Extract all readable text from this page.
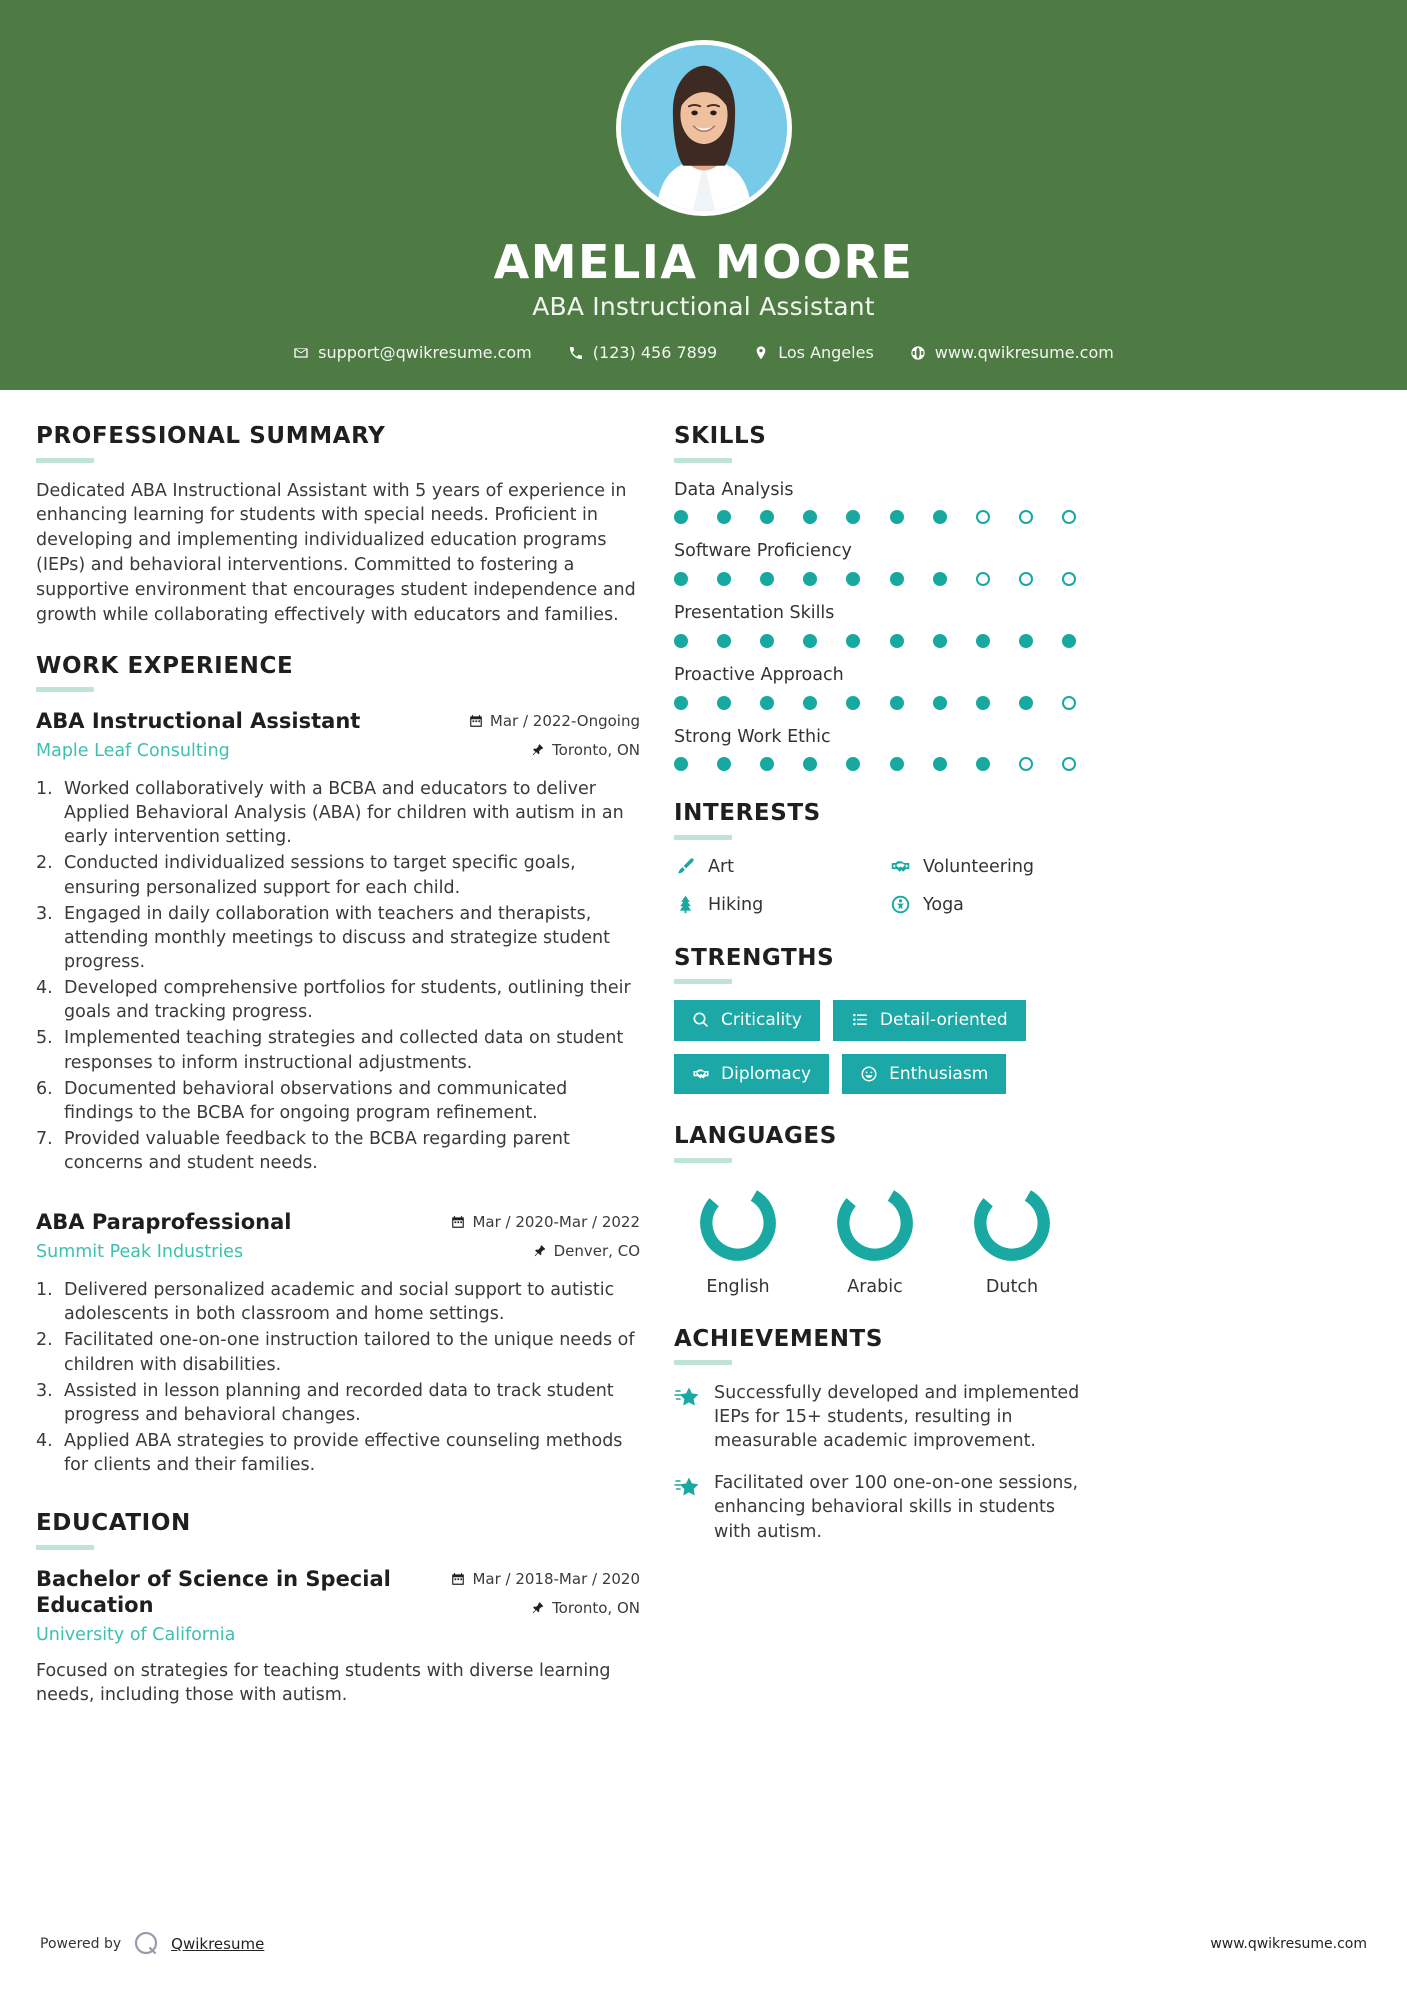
AMELIA MOORE
ABA Instructional Assistant
support@qwikresume.com	(123) 456 7899	Los Angeles	www.qwikresume.com
PROFESSIONAL SUMMARY
Dedicated ABA Instructional Assistant with 5 years of experience in enhancing learning for students with special needs. Proficient in developing and implementing individualized education programs (IEPs) and behavioral interventions. Committed to fostering a supportive environment that encourages student independence and growth while collaborating effectively with educators and families.
WORK EXPERIENCE
ABA Instructional Assistant
Maple Leaf Consulting
Mar / 2022-Ongoing
Toronto, ON
Worked collaboratively with a BCBA and educators to deliver Applied Behavioral Analysis (ABA) for children with autism in an early intervention setting.
Conducted individualized sessions to target specific goals, ensuring personalized support for each child.
Engaged in daily collaboration with teachers and therapists, attending monthly meetings to discuss and strategize student progress.
Developed comprehensive portfolios for students, outlining their goals and tracking progress.
Implemented teaching strategies and collected data on student responses to inform instructional adjustments.
Documented behavioral observations and communicated findings to the BCBA for ongoing program refinement.
Provided valuable feedback to the BCBA regarding parent concerns and student needs.
ABA Paraprofessional
Summit Peak Industries
Mar / 2020-Mar / 2022
Denver, CO
Delivered personalized academic and social support to autistic adolescents in both classroom and home settings.
Facilitated one-on-one instruction tailored to the unique needs of children with disabilities.
Assisted in lesson planning and recorded data to track student progress and behavioral changes.
Applied ABA strategies to provide effective counseling methods for clients and their families.
EDUCATION
Bachelor of Science in Special Education
University of California
Mar / 2018-Mar / 2020
Toronto, ON
Focused on strategies for teaching students with diverse learning needs, including those with autism.
SKILLS
Data Analysis
Software Proficiency
Presentation Skills
Proactive Approach
Strong Work Ethic
INTERESTS
Art	Volunteering
Hiking	Yoga
STRENGTHS
Criticality	Detail-oriented
Diplomacy	Enthusiasm
LANGUAGES
English	Arabic	Dutch
ACHIEVEMENTS
Successfully developed and implemented IEPs for 15+ students, resulting in measurable academic improvement.
Facilitated over 100 one-on-one sessions, enhancing behavioral skills in students with autism.
Powered by	Qwikresume	www.qwikresume.com
